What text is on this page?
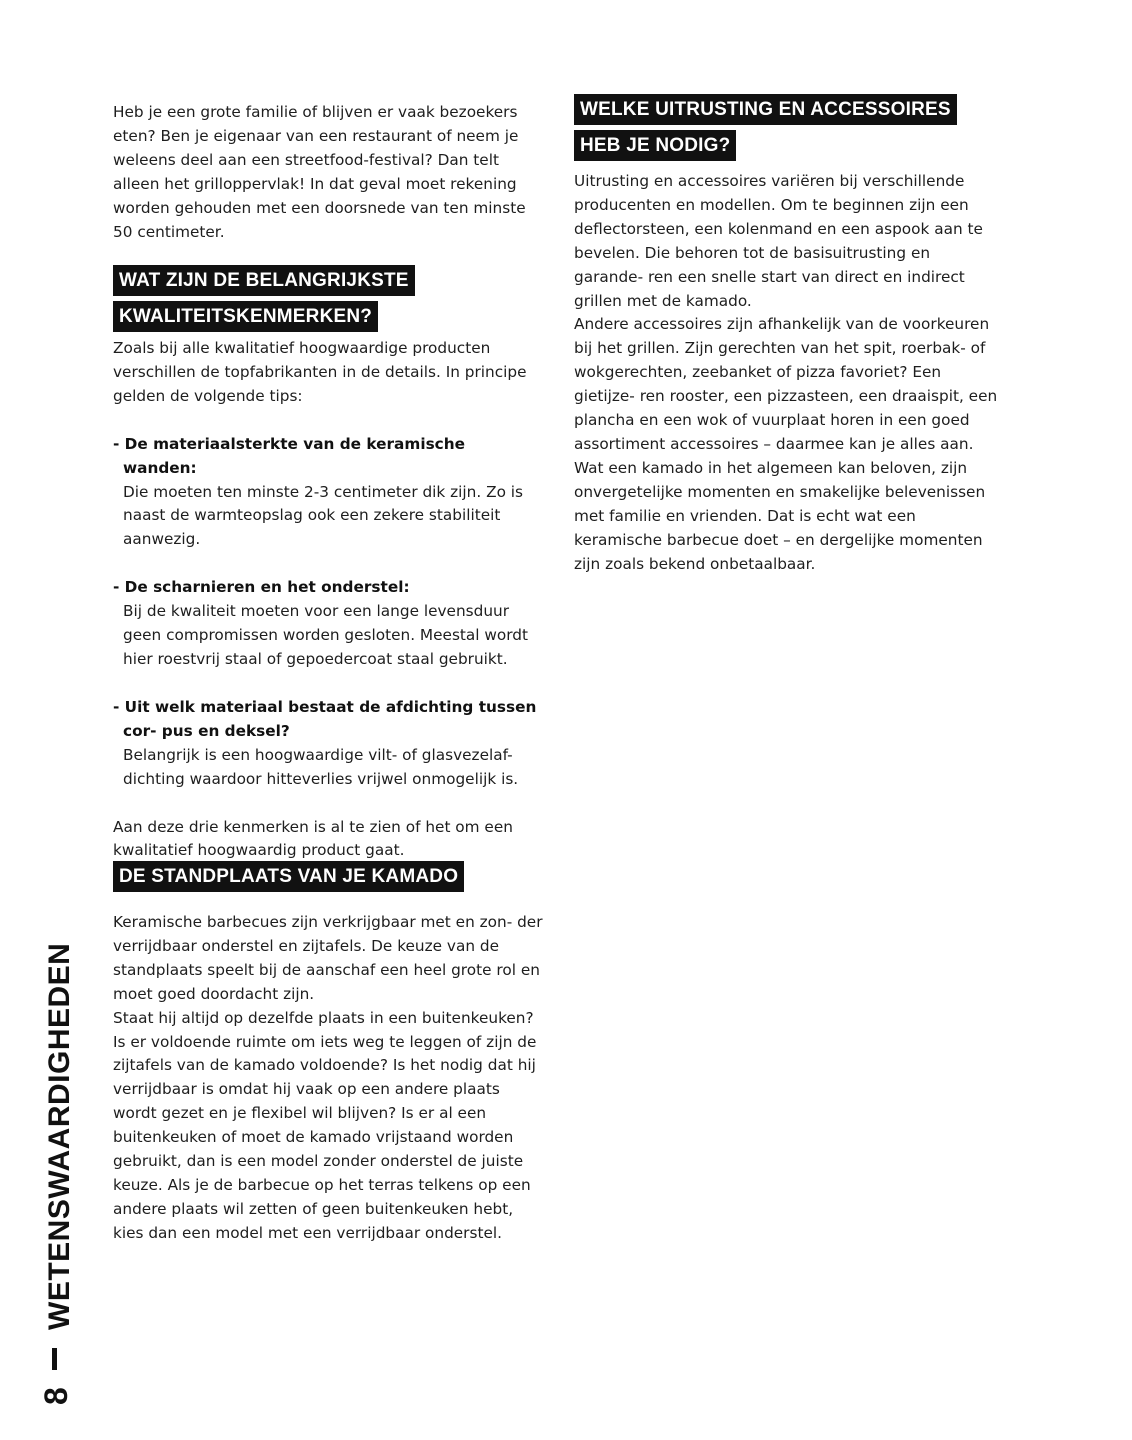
Heb je een grote familie of blijven er vaak bezoekers eten? Ben je eigenaar van een restaurant of neem je weleens deel aan een streetfood-festival? Dan telt alleen het grilloppervlak! In dat geval moet rekening worden gehouden met een doorsnede van ten minste 50 centimeter.

WAT ZIJN DE BELANGRIJKSTE
KWALITEITSKENMERKEN?

Zoals bij alle kwalitatief hoogwaardige producten verschillen de topfabrikanten in de details. In principe gelden de volgende tips:

- De materiaalsterkte van de keramische wanden:

Die moeten ten minste 2-3 centimeter dik zijn. Zo is naast de warmteopslag ook een zekere stabiliteit aanwezig.

- De scharnieren en het onderstel:

Bij de kwaliteit moeten voor een lange levensduur geen compromissen worden gesloten. Meestal wordt hier roestvrij staal of gepoedercoat staal gebruikt.

- Uit welk materiaal bestaat de afdichting tussen cor- pus en deksel?

Belangrijk is een hoogwaardige vilt- of glasvezelaf- dichting waardoor hitteverlies vrijwel onmogelijk is.

Aan deze drie kenmerken is al te zien of het om een kwalitatief hoogwaardig product gaat.

DE STANDPLAATS VAN JE KAMADO

Keramische barbecues zijn verkrijgbaar met en zon- der verrijdbaar onderstel en zijtafels. De keuze van de standplaats speelt bij de aanschaf een heel grote rol en moet goed doordacht zijn.

Staat hij altijd op dezelfde plaats in een buitenkeuken? Is er voldoende ruimte om iets weg te leggen of zijn de zijtafels van de kamado voldoende? Is het nodig dat hij verrijdbaar is omdat hij vaak op een andere plaats wordt gezet en je flexibel wil blijven? Is er al een buitenkeuken of moet de kamado vrijstaand worden gebruikt, dan is een model zonder onderstel de juiste keuze. Als je de barbecue op het terras telkens op een andere plaats wil zetten of geen buitenkeuken hebt, kies dan een model met een verrijdbaar onderstel.

WELKE UITRUSTING EN ACCESSOIRES
HEB JE NODIG?

Uitrusting en accessoires variëren bij verschillende producenten en modellen. Om te beginnen zijn een deflectorsteen, een kolenmand en een aspook aan te bevelen. Die behoren tot de basisuitrusting en garande- ren een snelle start van direct en indirect grillen met de kamado.

Andere accessoires zijn afhankelijk van de voorkeuren bij het grillen. Zijn gerechten van het spit, roerbak- of wokgerechten, zeebanket of pizza favoriet? Een gietijze- ren rooster, een pizzasteen, een draaispit, een plancha en een wok of vuurplaat horen in een goed assortiment accessoires – daarmee kan je alles aan.

Wat een kamado in het algemeen kan beloven, zijn onvergetelijke momenten en smakelijke belevenissen met familie en vrienden. Dat is echt wat een keramische barbecue doet – en dergelijke momenten zijn zoals bekend onbetaalbaar.

WETENSWAARDIGHEDEN
8
